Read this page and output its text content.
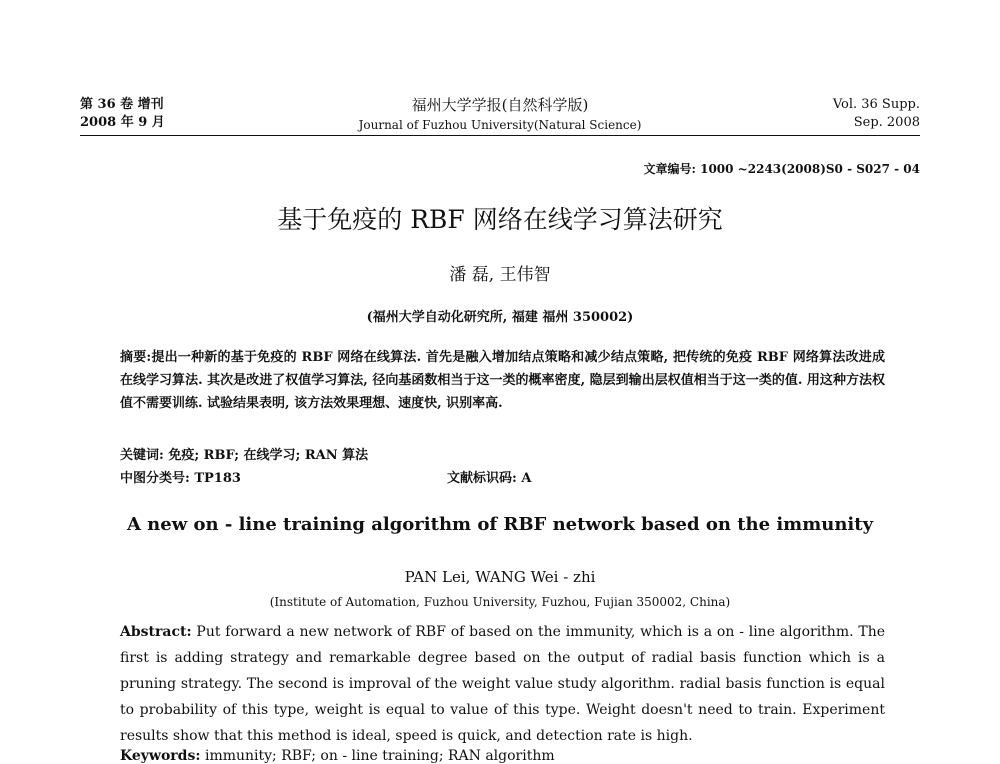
第 36 卷 增刊
2008 年 9 月
福州大学学报(自然科学版)
Journal of Fuzhou University(Natural Science)
Vol. 36 Supp.
Sep. 2008
文章编号: 1000 ~2243(2008)S0 - S027 - 04
基于免疫的 RBF 网络在线学习算法研究
潘 磊, 王伟智
(福州大学自动化研究所, 福建 福州 350002)
摘要:提出一种新的基于免疫的 RBF 网络在线算法. 首先是融入增加结点策略和减少结点策略, 把传统的免疫 RBF 网络算法改进成在线学习算法. 其次是改进了权值学习算法, 径向基函数相当于这一类的概率密度, 隐层到输出层权值相当于这一类的值. 用这种方法权值不需要训练. 试验结果表明, 该方法效果理想、速度快, 识别率高.
关键词: 免疫; RBF; 在线学习; RAN 算法
中图分类号: TP183	文献标识码: A
A new on - line training algorithm of RBF network based on the immunity
PAN Lei, WANG Wei - zhi
(Institute of Automation, Fuzhou University, Fuzhou, Fujian 350002, China)
Abstract: Put forward a new network of RBF of based on the immunity, which is a on - line algorithm. The first is adding strategy and remarkable degree based on the output of radial basis function which is a pruning strategy. The second is improval of the weight value study algorithm. radial basis function is equal to probability of this type, weight is equal to value of this type. Weight doesn't need to train. Experiment results show that this method is ideal, speed is quick, and detection rate is high.
Keywords: immunity; RBF; on - line training; RAN algorithm
